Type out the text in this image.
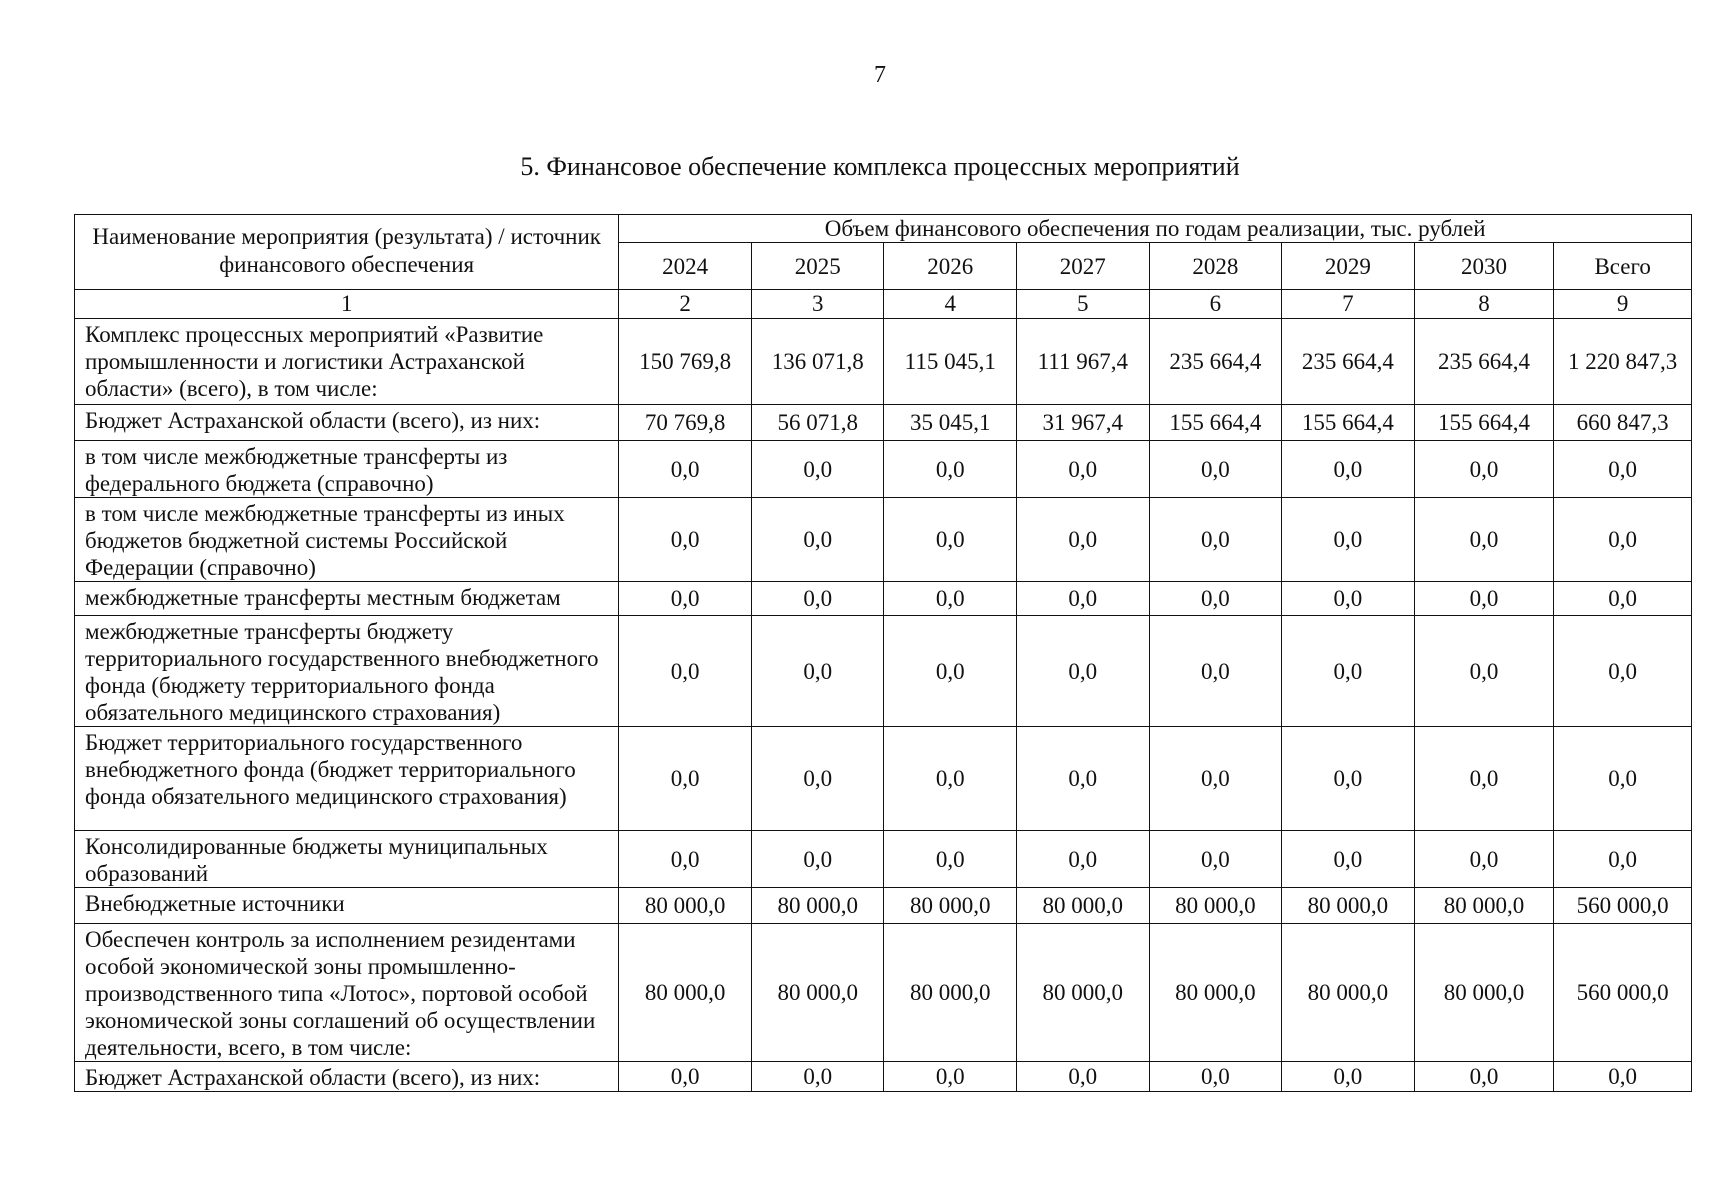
7
5. Финансовое обеспечение комплекса процессных мероприятий
Наименование мероприятия (результата) / источник финансового обеспечения	Объем финансового обеспечения по годам реализации, тыс. рублей							
	2024	2025	2026	2027	2028	2029	2030	Всего
1	2	3	4	5	6	7	8	9
Комплекс процессных мероприятий «Развитие промышленности и логистики Астраханской области» (всего), в том числе:	150 769,8	136 071,8	115 045,1	111 967,4	235 664,4	235 664,4	235 664,4	1 220 847,3
Бюджет Астраханской области (всего), из них:	70 769,8	56 071,8	35 045,1	31 967,4	155 664,4	155 664,4	155 664,4	660 847,3
в том числе межбюджетные трансферты из федерального бюджета (справочно)	0,0	0,0	0,0	0,0	0,0	0,0	0,0	0,0
в том числе межбюджетные трансферты из иных бюджетов бюджетной системы Российской Федерации (справочно)	0,0	0,0	0,0	0,0	0,0	0,0	0,0	0,0
межбюджетные трансферты местным бюджетам	0,0	0,0	0,0	0,0	0,0	0,0	0,0	0,0
межбюджетные трансферты бюджету территориального государственного внебюджетного фонда (бюджету территориального фонда обязательного медицинского страхования)	0,0	0,0	0,0	0,0	0,0	0,0	0,0	0,0
Бюджет территориального государственного внебюджетного фонда (бюджет территориального фонда обязательного медицинского страхования)	0,0	0,0	0,0	0,0	0,0	0,0	0,0	0,0
Консолидированные бюджеты муниципальных образований	0,0	0,0	0,0	0,0	0,0	0,0	0,0	0,0
Внебюджетные источники	80 000,0	80 000,0	80 000,0	80 000,0	80 000,0	80 000,0	80 000,0	560 000,0
Обеспечен контроль за исполнением резидентами особой экономической зоны промышленно-производственного типа «Лотос», портовой особой экономической зоны соглашений об осуществлении деятельности, всего, в том числе:	80 000,0	80 000,0	80 000,0	80 000,0	80 000,0	80 000,0	80 000,0	560 000,0
Бюджет Астраханской области (всего), из них:	0,0	0,0	0,0	0,0	0,0	0,0	0,0	0,0
